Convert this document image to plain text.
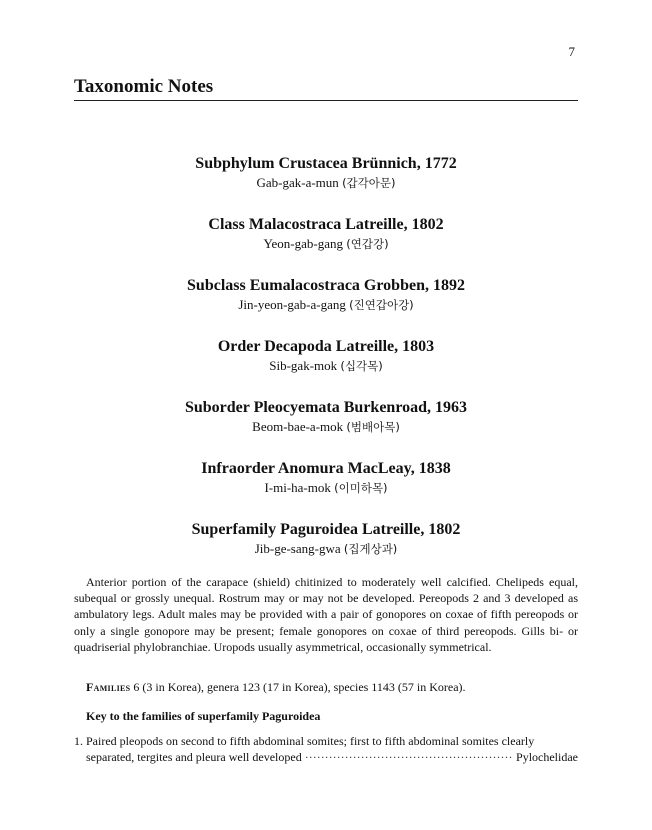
7
Taxonomic Notes

Subphylum Crustacea Brünnich, 1772

Gab-gak-a-mun (갑각아문)

Class Malacostraca Latreille, 1802

Yeon-gab-gang (연갑강)

Subclass Eumalacostraca Grobben, 1892

Jin-yeon-gab-a-gang (진연갑아강)

Order Decapoda Latreille, 1803

Sib-gak-mok (십각목)

Suborder Pleocyemata Burkenroad, 1963

Beom-bae-a-mok (범배아목)

Infraorder Anomura MacLeay, 1838

I-mi-ha-mok (이미하목)

Superfamily Paguroidea Latreille, 1802

Jib-ge-sang-gwa (집게상과)

Anterior portion of the carapace (shield) chitinized to moderately well calcified. Chelipeds equal, subequal or grossly unequal. Rostrum may or may not be developed. Pereopods 2 and 3 developed as ambulatory legs. Adult males may be provided with a pair of gonopores on coxae of fifth pereopods or only a single gonopore may be present; female gonopores on coxae of third pereopods. Gills bi- or quadriserial phylobranchiae. Uropods usually asymmetrical, occasionally symmetrical.

Families 6 (3 in Korea), genera 123 (17 in Korea), species 1143 (57 in Korea).

Key to the families of superfamily Paguroidea

1. Paired pleopods on second to fifth abdominal somites; first to fifth abdominal somites clearly
separated, tergites and pleura well developed
·····	Pylochelidae
